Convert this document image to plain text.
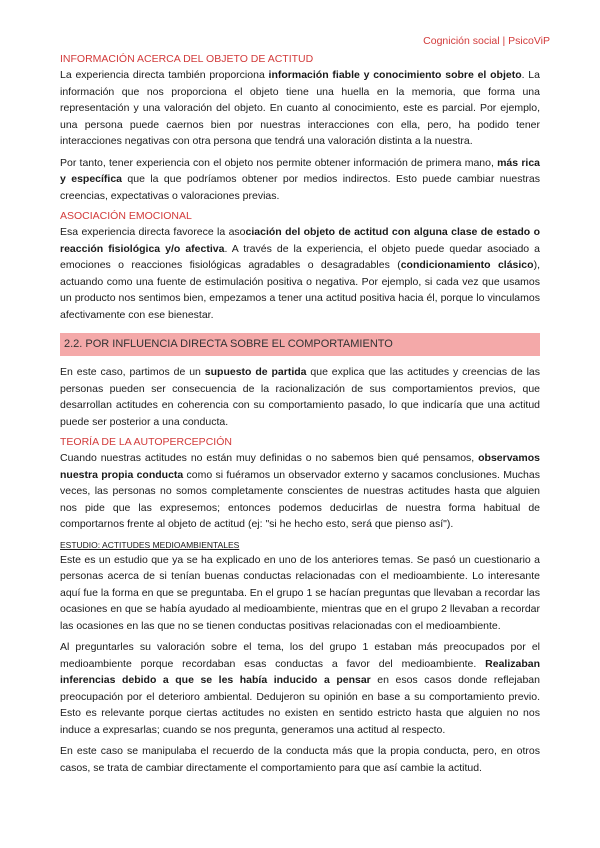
Cognición social | PsicoViP
INFORMACIÓN ACERCA DEL OBJETO DE ACTITUD

La experiencia directa también proporciona información fiable y conocimiento sobre el objeto. La información que nos proporciona el objeto tiene una huella en la memoria, que forma una representación y una valoración del objeto. En cuanto al conocimiento, este es parcial. Por ejemplo, una persona puede caernos bien por nuestras interacciones con ella, pero, ha podido tener interacciones negativas con otra persona que tendrá una valoración distinta a la nuestra.

Por tanto, tener experiencia con el objeto nos permite obtener información de primera mano, más rica y específica que la que podríamos obtener por medios indirectos. Esto puede cambiar nuestras creencias, expectativas o valoraciones previas.

ASOCIACIÓN EMOCIONAL

Esa experiencia directa favorece la asociación del objeto de actitud con alguna clase de estado o reacción fisiológica y/o afectiva. A través de la experiencia, el objeto puede quedar asociado a emociones o reacciones fisiológicas agradables o desagradables (condicionamiento clásico), actuando como una fuente de estimulación positiva o negativa. Por ejemplo, si cada vez que usamos un producto nos sentimos bien, empezamos a tener una actitud positiva hacia él, porque lo vinculamos afectivamente con ese bienestar.

2.2. POR INFLUENCIA DIRECTA SOBRE EL COMPORTAMIENTO

En este caso, partimos de un supuesto de partida que explica que las actitudes y creencias de las personas pueden ser consecuencia de la racionalización de sus comportamientos previos, que desarrollan actitudes en coherencia con su comportamiento pasado, lo que indicaría que una actitud puede ser posterior a una conducta.

TEORÍA DE LA AUTOPERCEPCIÓN

Cuando nuestras actitudes no están muy definidas o no sabemos bien qué pensamos, observamos nuestra propia conducta como si fuéramos un observador externo y sacamos conclusiones. Muchas veces, las personas no somos completamente conscientes de nuestras actitudes hasta que alguien nos pide que las expresemos; entonces podemos deducirlas de nuestra forma habitual de comportarnos frente al objeto de actitud (ej: "si he hecho esto, será que pienso así").

ESTUDIO: ACTITUDES MEDIOAMBIENTALES

Este es un estudio que ya se ha explicado en uno de los anteriores temas. Se pasó un cuestionario a personas acerca de si tenían buenas conductas relacionadas con el medioambiente. Lo interesante aquí fue la forma en que se preguntaba. En el grupo 1 se hacían preguntas que llevaban a recordar las ocasiones en que se había ayudado al medioambiente, mientras que en el grupo 2 llevaban a recordar las ocasiones en las que no se tienen conductas positivas relacionadas con el medioambiente.

Al preguntarles su valoración sobre el tema, los del grupo 1 estaban más preocupados por el medioambiente porque recordaban esas conductas a favor del medioambiente. Realizaban inferencias debido a que se les había inducido a pensar en esos casos donde reflejaban preocupación por el deterioro ambiental. Dedujeron su opinión en base a su comportamiento previo. Esto es relevante porque ciertas actitudes no existen en sentido estricto hasta que alguien no nos induce a expresarlas; cuando se nos pregunta, generamos una actitud al respecto.

En este caso se manipulaba el recuerdo de la conducta más que la propia conducta, pero, en otros casos, se trata de cambiar directamente el comportamiento para que así cambie la actitud.
